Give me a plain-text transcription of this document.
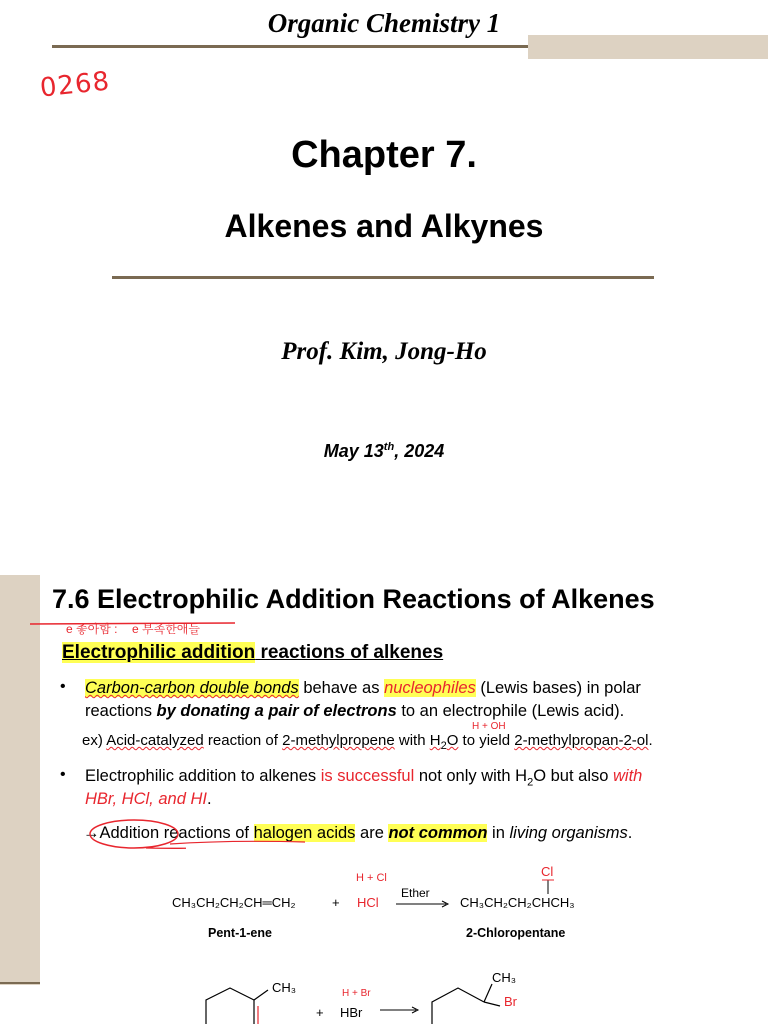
Organic Chemistry 1
0268
Chapter 7.
Alkenes and Alkynes
Prof. Kim, Jong-Ho
May 13th, 2024
7.6 Electrophilic Addition Reactions of Alkenes
e 좋아함 : e 부족한애들
Electrophilic addition reactions of alkenes
• Carbon-carbon double bonds behave as nucleophiles (Lewis bases) in polar
reactions by donating a pair of electrons to an electrophile (Lewis acid).
H + OH
ex) Acid-catalyzed reaction of 2-methylpropene with $H_2O$ to yield 2-methylpropan-2-ol.
• Electrophilic addition to alkenes is successful not only with $H_2O$ but also with
HBr, HCl, and HI.
→Addition reactions of halogen acids are not common in living organisms.
CH₃CH₂CH₂CH═CH₂	+
H + Cl
HCl
Ether
Cl
CH₃CH₂CH₂CHCH₃
Pent-1-ene	2-Chloropentane
CH₃
+
H + Br
HBr →
CH₃
Br
